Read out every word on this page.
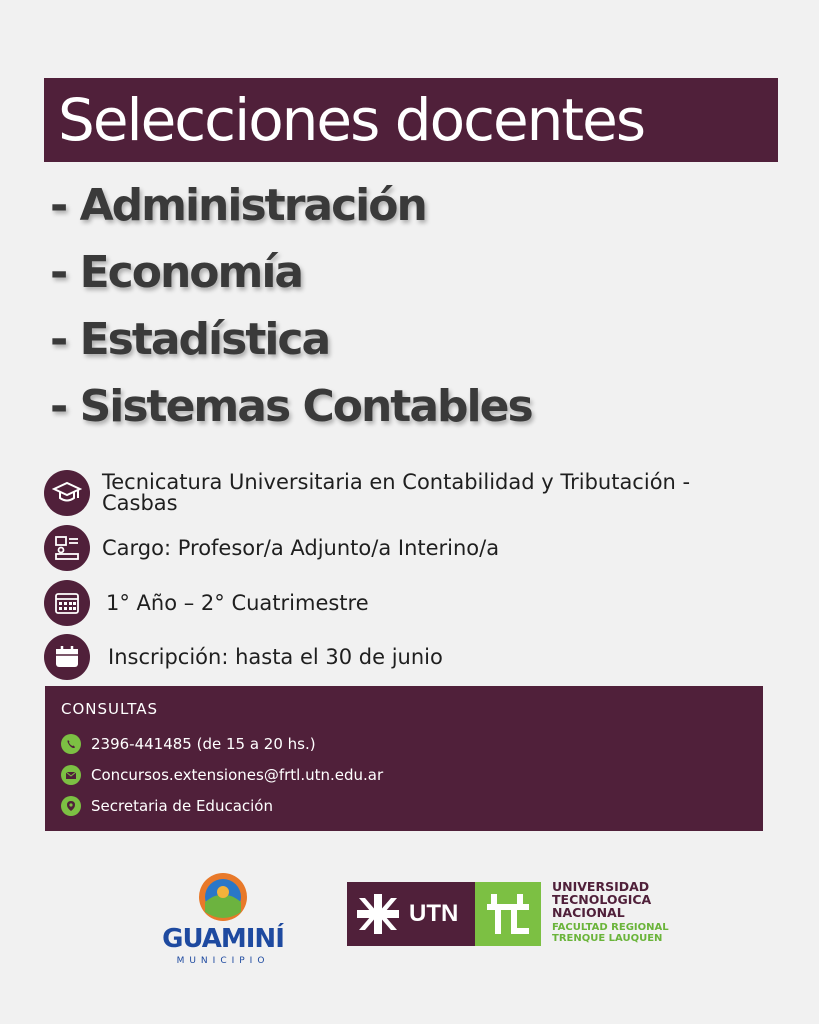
Selecciones docentes

- Administración

- Economía

- Estadística

- Sistemas Contables

Tecnicatura Universitaria en Contabilidad y Tributación - Casbas
Cargo: Profesor/a Adjunto/a Interino/a
1° Año – 2° Cuatrimestre
Inscripción: hasta el 30 de junio

CONSULTAS

2396-441485 (de 15 a 20 hs.)
Concursos.extensiones@frtl.utn.edu.ar
Secretaria de Educación
GUAMINÍ
MUNICIPIO
UTN
UNIVERSIDAD
TECNOLOGICA
NACIONAL
FACULTAD REGIONAL
TRENQUE LAUQUEN
